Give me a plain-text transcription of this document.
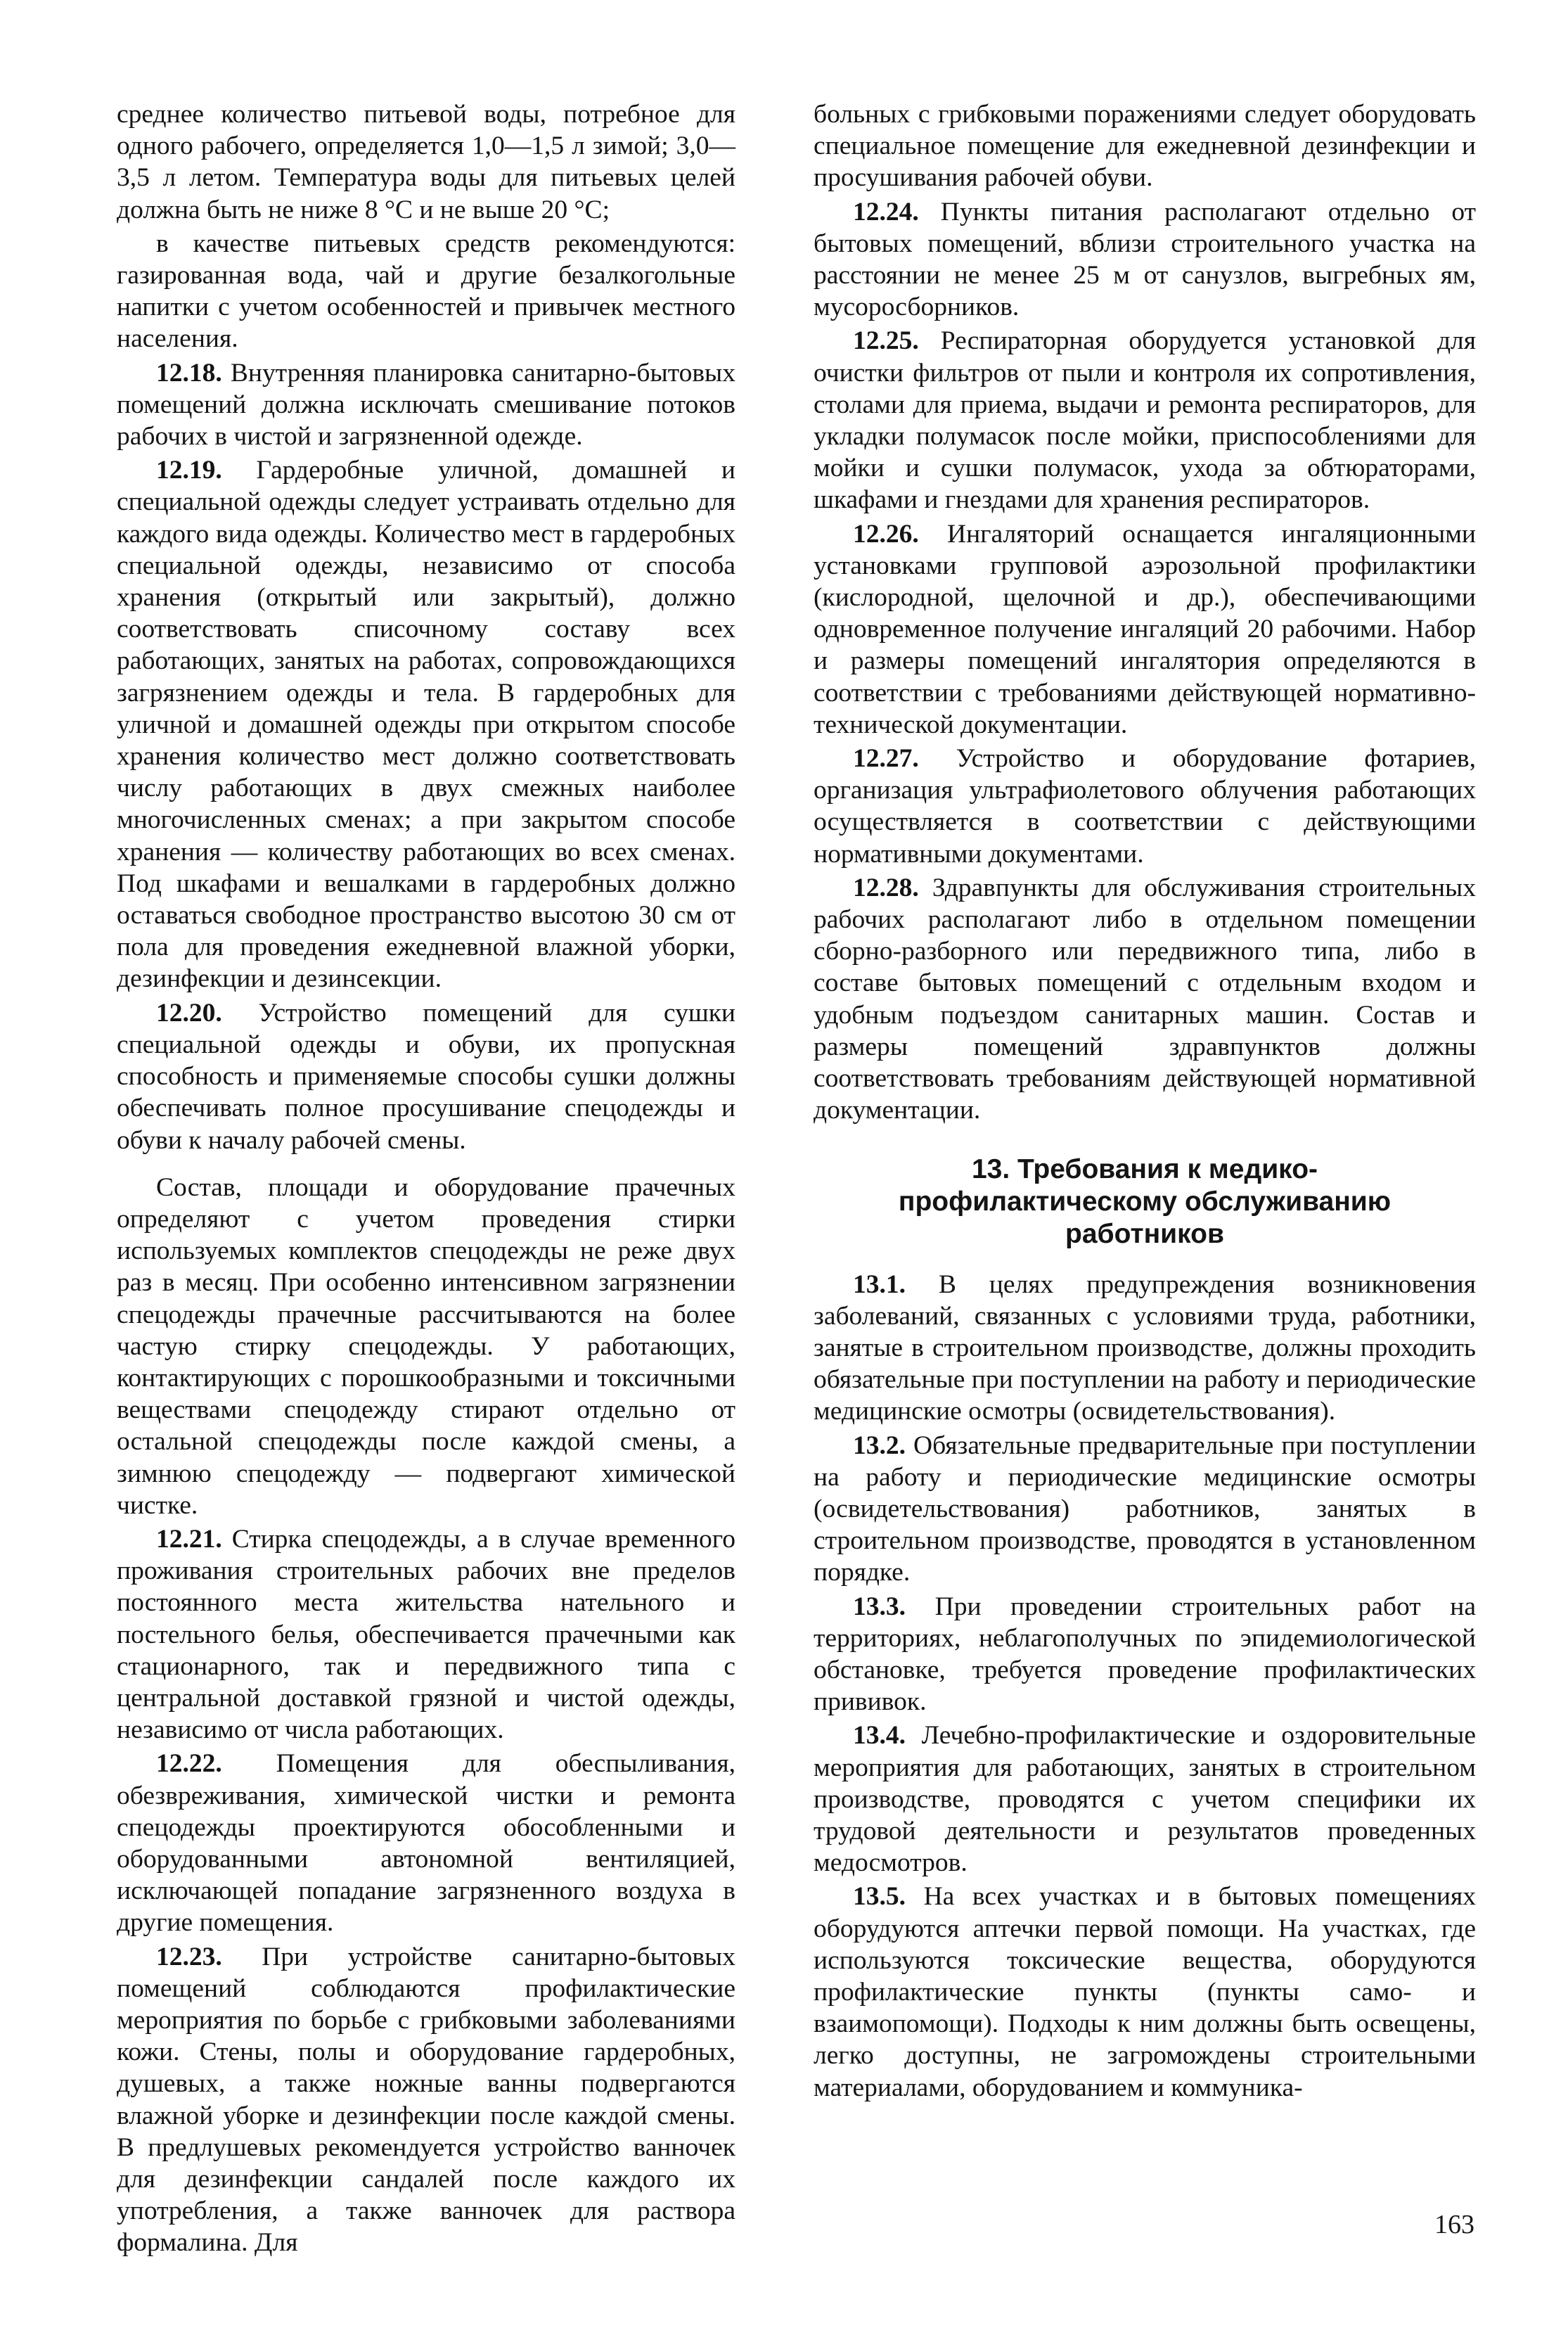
среднее количество питьевой воды, потребное для одного рабочего, определяется 1,0—1,5 л зимой; 3,0—3,5 л летом. Температура воды для питьевых целей должна быть не ниже 8 °С и не выше 20 °С;

в качестве питьевых средств рекомендуются: газированная вода, чай и другие безалкогольные напитки с учетом особенностей и привычек местного населения.

12.18. Внутренняя планировка санитарно-бытовых помещений должна исключать смешивание потоков рабочих в чистой и загрязненной одежде.

12.19. Гардеробные уличной, домашней и специальной одежды следует устраивать отдельно для каждого вида одежды. Количество мест в гардеробных специальной одежды, независимо от способа хранения (открытый или закрытый), должно соответствовать списочному составу всех работающих, занятых на работах, сопровождающихся загрязнением одежды и тела. В гардеробных для уличной и домашней одежды при открытом способе хранения количество мест должно соответствовать числу работающих в двух смежных наиболее многочисленных сменах; а при закрытом способе хранения — количеству работающих во всех сменах. Под шкафами и вешалками в гардеробных должно оставаться свободное пространство высотою 30 см от пола для проведения ежедневной влажной уборки, дезинфекции и дезинсекции.

12.20. Устройство помещений для сушки специальной одежды и обуви, их пропускная способность и применяемые способы сушки должны обеспечивать полное просушивание спецодежды и обуви к началу рабочей смены.

Состав, площади и оборудование прачечных определяют с учетом проведения стирки используемых комплектов спецодежды не реже двух раз в месяц. При особенно интенсивном загрязнении спецодежды прачечные рассчитываются на более частую стирку спецодежды. У работающих, контактирующих с порошкообразными и токсичными веществами спецодежду стирают отдельно от остальной спецодежды после каждой смены, а зимнюю спецодежду — подвергают химической чистке.

12.21. Стирка спецодежды, а в случае временного проживания строительных рабочих вне пределов постоянного места жительства нательного и постельного белья, обеспечивается прачечными как стационарного, так и передвижного типа с центральной доставкой грязной и чистой одежды, независимо от числа работающих.

12.22. Помещения для обеспыливания, обезвреживания, химической чистки и ремонта спецодежды проектируются обособленными и оборудованными автономной вентиляцией, исключающей попадание загрязненного воздуха в другие помещения.

12.23. При устройстве санитарно-бытовых помещений соблюдаются профилактические мероприятия по борьбе с грибковыми заболеваниями кожи. Стены, полы и оборудование гардеробных, душевых, а также ножные ванны подвергаются влажной уборке и дезинфекции после каждой смены. В предлушевых рекомендуется устройство ванночек для дезинфекции сандалей после каждого их употребления, а также ванночек для раствора формалина. Для

больных с грибковыми поражениями следует оборудовать специальное помещение для ежедневной дезинфекции и просушивания рабочей обуви.

12.24. Пункты питания располагают отдельно от бытовых помещений, вблизи строительного участка на расстоянии не менее 25 м от санузлов, выгребных ям, мусоросборников.

12.25. Респираторная оборудуется установкой для очистки фильтров от пыли и контроля их сопротивления, столами для приема, выдачи и ремонта респираторов, для укладки полумасок после мойки, приспособлениями для мойки и сушки полумасок, ухода за обтюраторами, шкафами и гнездами для хранения респираторов.

12.26. Ингаляторий оснащается ингаляционными установками групповой аэрозольной профилактики (кислородной, щелочной и др.), обеспечивающими одновременное получение ингаляций 20 рабочими. Набор и размеры помещений ингалятория определяются в соответствии с требованиями действующей нормативно-технической документации.

12.27. Устройство и оборудование фотариев, организация ультрафиолетового облучения работающих осуществляется в соответствии с действующими нормативными документами.

12.28. Здравпункты для обслуживания строительных рабочих располагают либо в отдельном помещении сборно-разборного или передвижного типа, либо в составе бытовых помещений с отдельным входом и удобным подъездом санитарных машин. Состав и размеры помещений здравпунктов должны соответствовать требованиям действующей нормативной документации.

13. Требования к медико-профилактическому обслуживанию работников

13.1. В целях предупреждения возникновения заболеваний, связанных с условиями труда, работники, занятые в строительном производстве, должны проходить обязательные при поступлении на работу и периодические медицинские осмотры (освидетельствования).

13.2. Обязательные предварительные при поступлении на работу и периодические медицинские осмотры (освидетельствования) работников, занятых в строительном производстве, проводятся в установленном порядке.

13.3. При проведении строительных работ на территориях, неблагополучных по эпидемиологической обстановке, требуется проведение профилактических прививок.

13.4. Лечебно-профилактические и оздоровительные мероприятия для работающих, занятых в строительном производстве, проводятся с учетом специфики их трудовой деятельности и результатов проведенных медосмотров.

13.5. На всех участках и в бытовых помещениях оборудуются аптечки первой помощи. На участках, где используются токсические вещества, оборудуются профилактические пункты (пункты само- и взаимопомощи). Подходы к ним должны быть освещены, легко доступны, не загромождены строительными материалами, оборудованием и коммуника-

163
